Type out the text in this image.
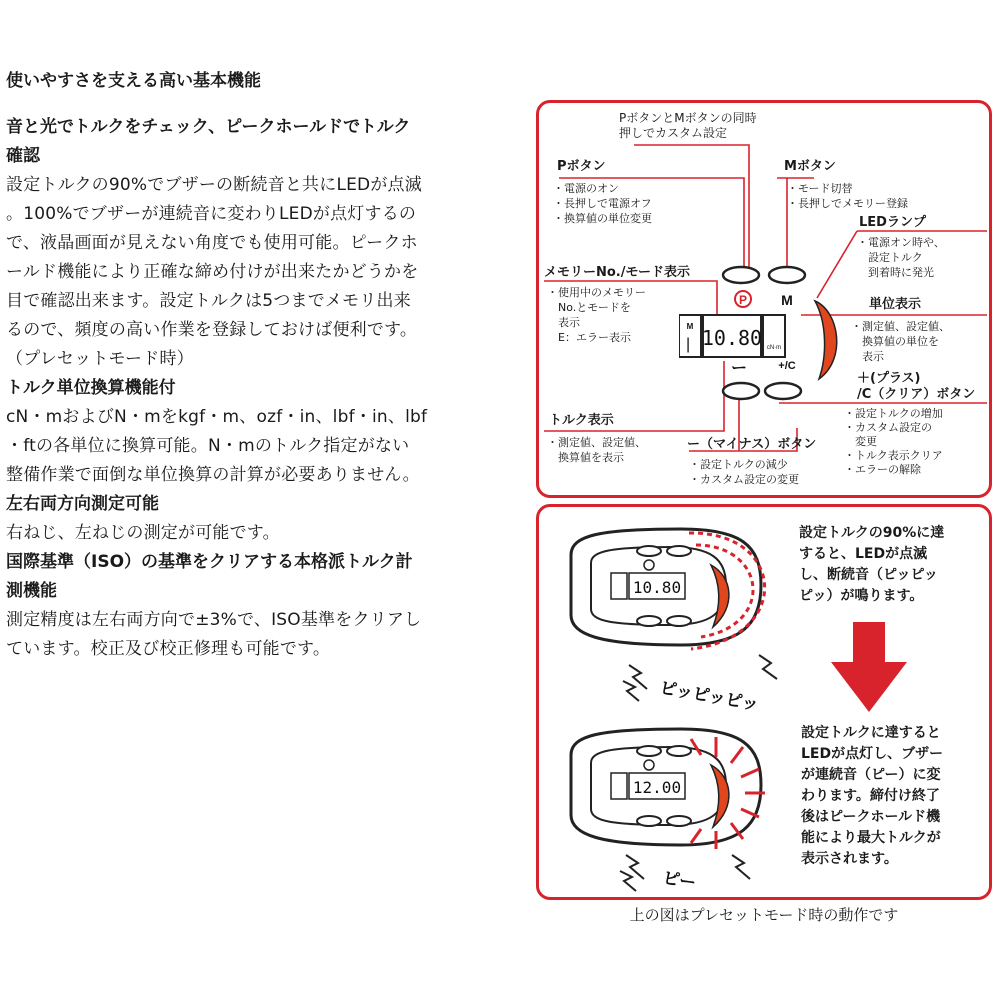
使いやすさを支える高い基本機能
音と光でトルクをチェック、ピークホールドでトルク
確認
設定トルクの90%でブザーの断続音と共にLEDが点滅
。100%でブザーが連続音に変わりLEDが点灯するの
で、液晶画面が見えない角度でも使用可能。ピークホ
ールド機能により正確な締め付けが出来たかどうかを
目で確認出来ます。設定トルクは5つまでメモリ出来
るので、頻度の高い作業を登録しておけば便利です。
（プレセットモード時）
トルク単位換算機能付
cN・mおよびN・mをkgf・m、ozf・in、lbf・in、lbf
・ftの各単位に換算可能。N・mのトルク指定がない
整備作業で面倒な単位換算の計算が必要ありません。
左右両方向測定可能
右ねじ、左ねじの測定が可能です。
国際基準（ISO）の基準をクリアする本格派トルク計
測機能
測定精度は左右両方向で±3%で、ISO基準をクリアし
ています。校正及び校正修理も可能です。
PボタンとMボタンの同時
押しでカスタム設定
Pボタン
・電源のオン
・長押しで電源オフ
・換算値の単位変更
Mボタン
・モード切替
・長押しでメモリー登録
LEDランプ
・電源オン時や、
　設定トルク
　到着時に発光
メモリーNo./モード表示
・使用中のメモリー
　No.とモードを
　表示
　E：エラー表示
単位表示
・測定値、設定値、
　換算値の単位を
　表示
＋(プラス)
/C（クリア）ボタン
・設定トルクの増加
・カスタム設定の
　変更
・トルク表示クリア
・エラーの解除
トルク表示
・測定値、設定値、
　換算値を表示
ー（マイナス）ボタン
・設定トルクの減少
・カスタム設定の変更
P M
M
| 10.80 cN·m
ー	+/C
10.80
ピッピッピッ
設定トルクの90%に達
すると、LEDが点滅
し、断続音（ピッピッ
ピッ）が鳴ります。
12.00
ピー
設定トルクに達すると
LEDが点灯し、ブザー
が連続音（ピー）に変
わります。締付け終了
後はピークホールド機
能により最大トルクが
表示されます。
上の図はプレセットモード時の動作です
